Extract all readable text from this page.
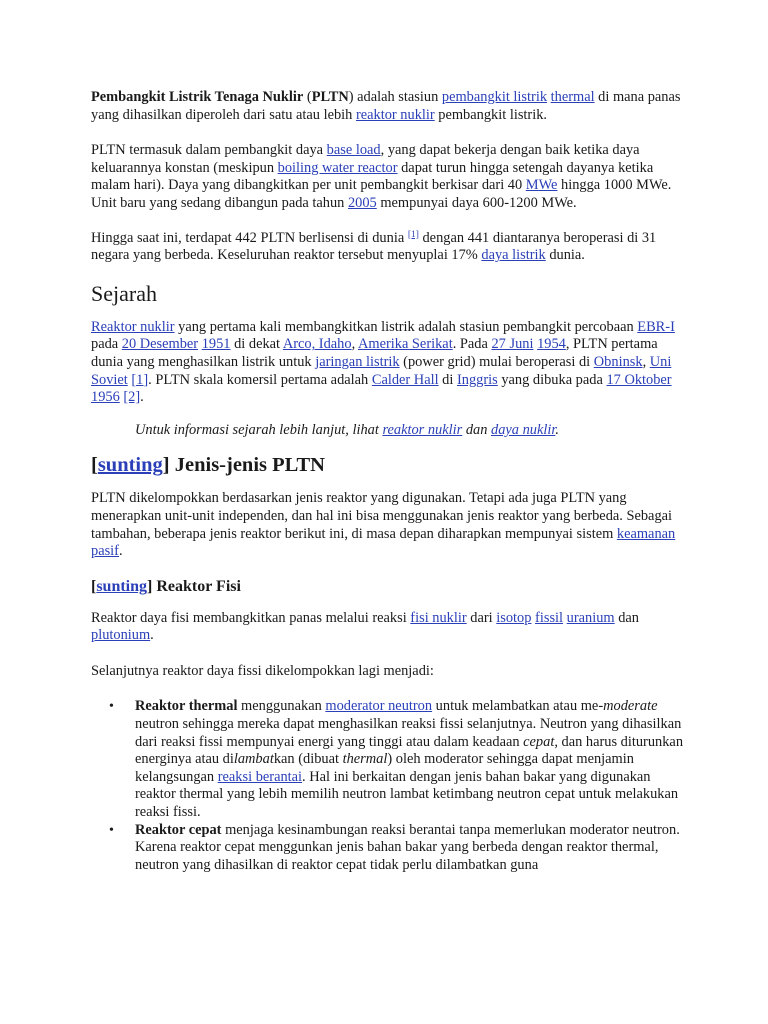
Pembangkit Listrik Tenaga Nuklir (PLTN) adalah stasiun pembangkit listrik thermal di mana panas yang dihasilkan diperoleh dari satu atau lebih reaktor nuklir pembangkit listrik.

PLTN termasuk dalam pembangkit daya base load, yang dapat bekerja dengan baik ketika daya keluarannya konstan (meskipun boiling water reactor dapat turun hingga setengah dayanya ketika malam hari). Daya yang dibangkitkan per unit pembangkit berkisar dari 40 MWe hingga 1000 MWe. Unit baru yang sedang dibangun pada tahun 2005 mempunyai daya 600-1200 MWe.

Hingga saat ini, terdapat 442 PLTN berlisensi di dunia [1] dengan 441 diantaranya beroperasi di 31 negara yang berbeda. Keseluruhan reaktor tersebut menyuplai 17% daya listrik dunia.

Sejarah

Reaktor nuklir yang pertama kali membangkitkan listrik adalah stasiun pembangkit percobaan EBR-I pada 20 Desember 1951 di dekat Arco, Idaho, Amerika Serikat. Pada 27 Juni 1954, PLTN pertama dunia yang menghasilkan listrik untuk jaringan listrik (power grid) mulai beroperasi di Obninsk, Uni Soviet [1]. PLTN skala komersil pertama adalah Calder Hall di Inggris yang dibuka pada 17 Oktober 1956 [2].

Untuk informasi sejarah lebih lanjut, lihat reaktor nuklir dan daya nuklir.

[sunting] Jenis-jenis PLTN

PLTN dikelompokkan berdasarkan jenis reaktor yang digunakan. Tetapi ada juga PLTN yang menerapkan unit-unit independen, dan hal ini bisa menggunakan jenis reaktor yang berbeda. Sebagai tambahan, beberapa jenis reaktor berikut ini, di masa depan diharapkan mempunyai sistem keamanan pasif.

[sunting] Reaktor Fisi

Reaktor daya fisi membangkitkan panas melalui reaksi fisi nuklir dari isotop fissil uranium dan plutonium.

Selanjutnya reaktor daya fissi dikelompokkan lagi menjadi:

• Reaktor thermal menggunakan moderator neutron untuk melambatkan atau me-moderate neutron sehingga mereka dapat menghasilkan reaksi fissi selanjutnya. Neutron yang dihasilkan dari reaksi fissi mempunyai energi yang tinggi atau dalam keadaan cepat, dan harus diturunkan energinya atau dilambatkan (dibuat thermal) oleh moderator sehingga dapat menjamin kelangsungan reaksi berantai. Hal ini berkaitan dengan jenis bahan bakar yang digunakan reaktor thermal yang lebih memilih neutron lambat ketimbang neutron cepat untuk melakukan reaksi fissi.
• Reaktor cepat menjaga kesinambungan reaksi berantai tanpa memerlukan moderator neutron. Karena reaktor cepat menggunkan jenis bahan bakar yang berbeda dengan reaktor thermal, neutron yang dihasilkan di reaktor cepat tidak perlu dilambatkan guna
